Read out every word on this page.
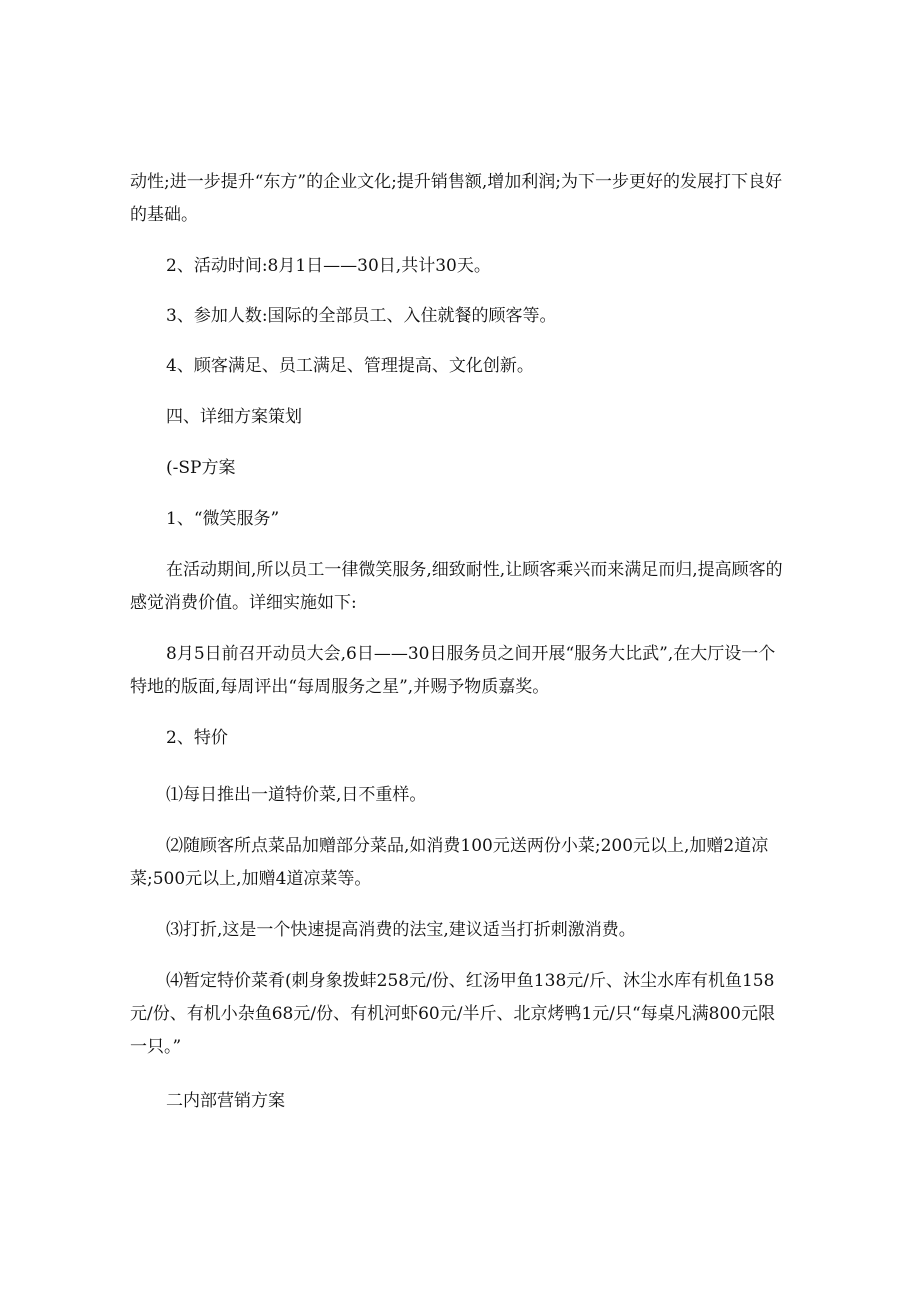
动性;进一步提升“东方”的企业文化;提升销售额,增加利润;为下一步更好的发展打下良好的基础。

2、活动时间:8月1日——30日,共计30天。

3、参加人数:国际的全部员工、入住就餐的顾客等。

4、顾客满足、员工满足、管理提高、文化创新。

四、详细方案策划

(-SP方案

1、“微笑服务”

在活动期间,所以员工一律微笑服务,细致耐性,让顾客乘兴而来满足而归,提高顾客的感觉消费价值。详细实施如下:

8月5日前召开动员大会,6日——30日服务员之间开展“服务大比武”,在大厅设一个特地的版面,每周评出“每周服务之星”,并赐予物质嘉奖。

2、特价

⑴每日推出一道特价菜,日不重样。

⑵随顾客所点菜品加赠部分菜品,如消费100元送两份小菜;200元以上,加赠2道凉菜;500元以上,加赠4道凉菜等。

⑶打折,这是一个快速提高消费的法宝,建议适当打折刺激消费。

⑷暂定特价菜肴(刺身象拨蚌258元/份、红汤甲鱼138元/斤、沐尘水库有机鱼158元/份、有机小杂鱼68元/份、有机河虾60元/半斤、北京烤鸭1元/只“每桌凡满800元限一只。”

二内部营销方案
